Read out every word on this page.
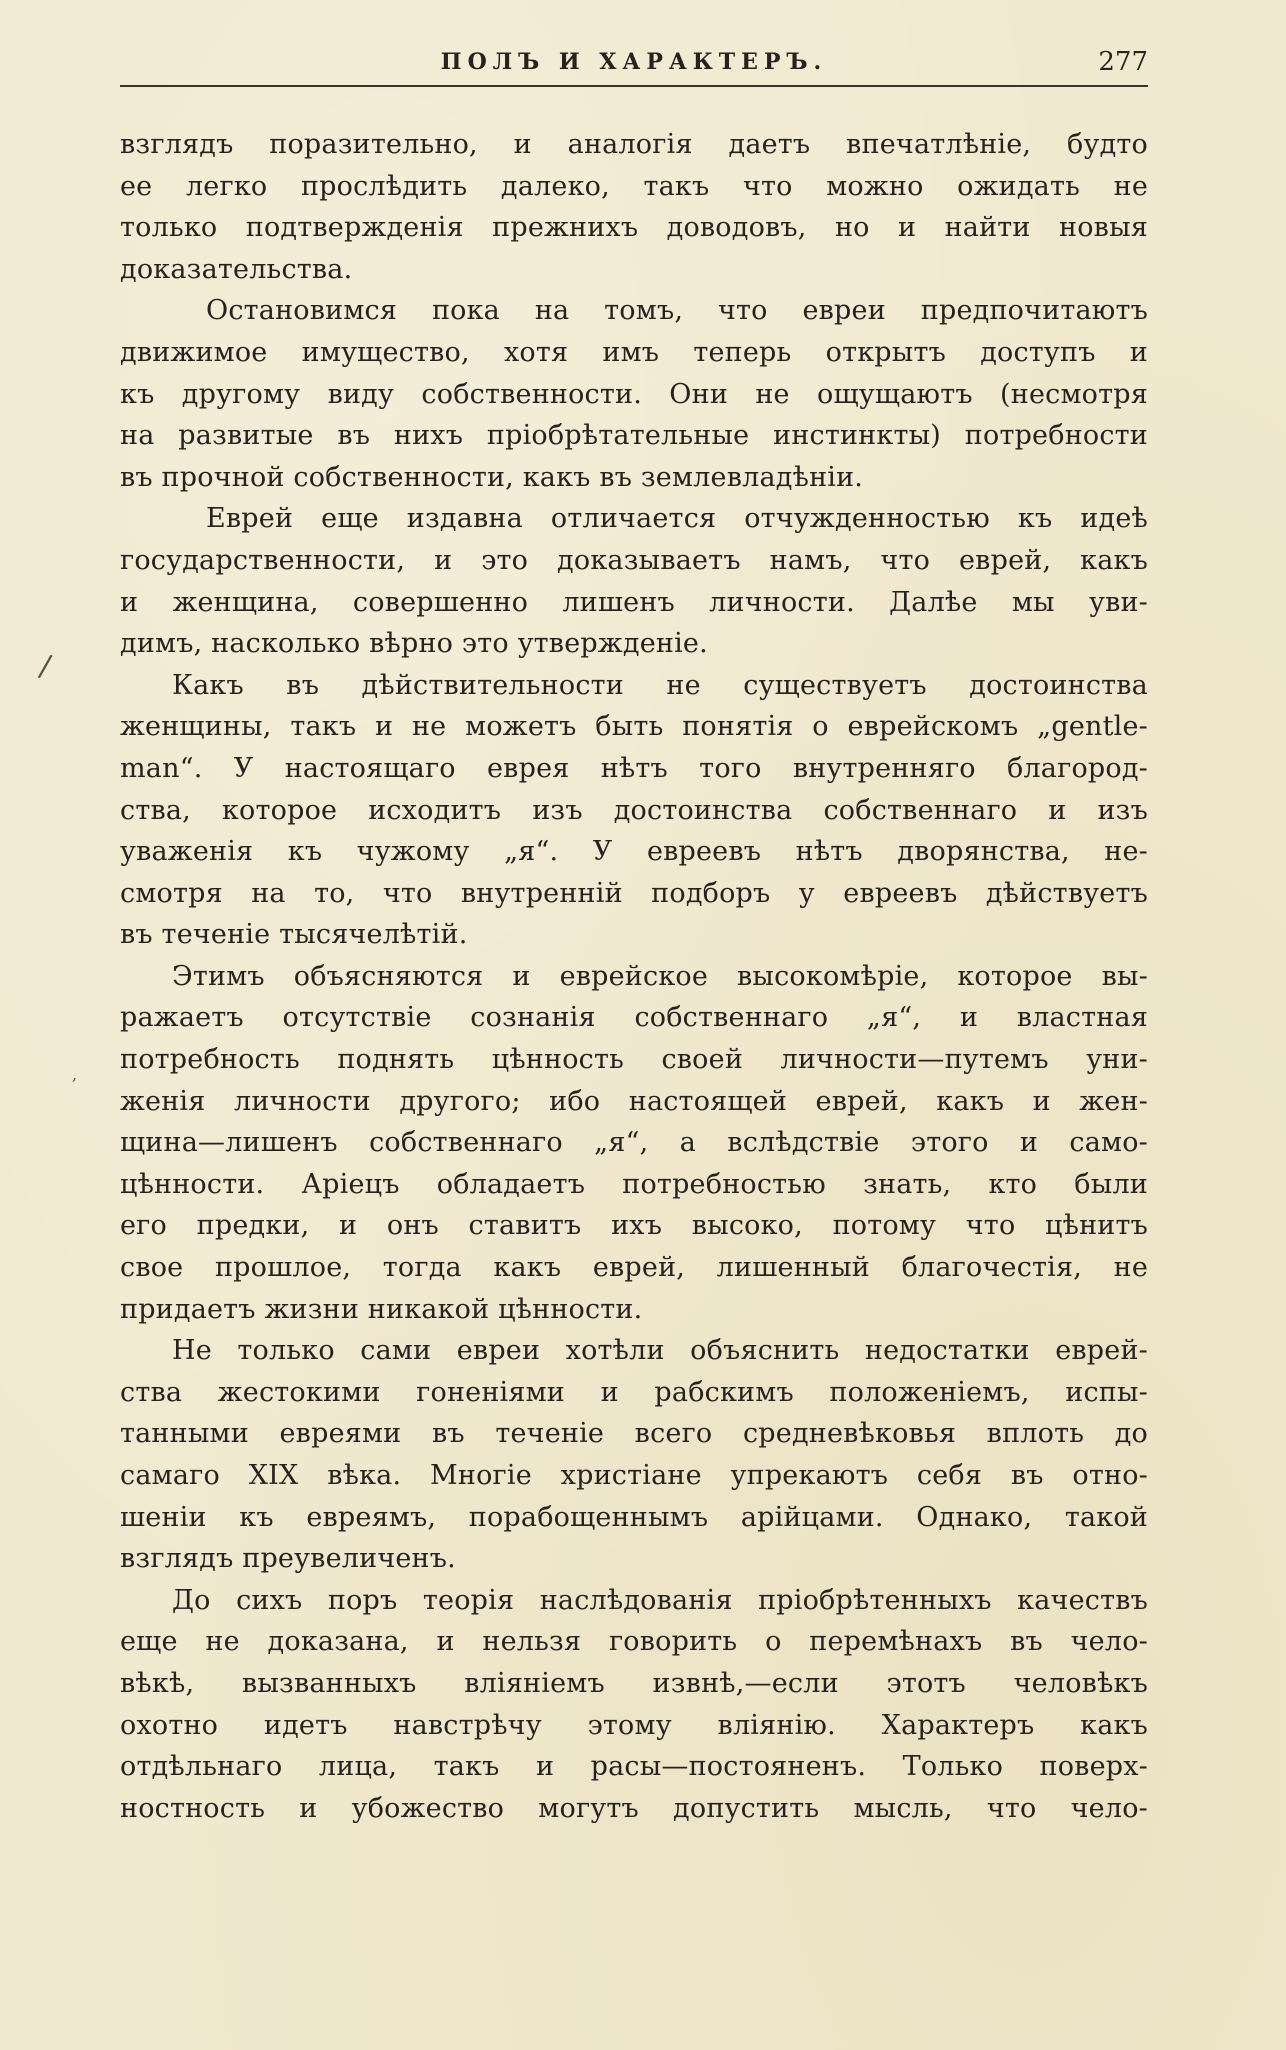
ПОЛЪ И ХАРАКТЕРЪ.	277
/
,
взглядъ поразительно, и аналогія даетъ впечатлѣніе, будто
ее легко прослѣдить далеко, такъ что можно ожидать не
только подтвержденія прежнихъ доводовъ, но и найти новыя
доказательства.
Остановимся пока на томъ, что евреи предпочитаютъ
движимое имущество, хотя имъ теперь открытъ доступъ и
къ другому виду собственности. Они не ощущаютъ (несмотря
на развитые въ нихъ пріобрѣтательные инстинкты) потребности
въ прочной собственности, какъ въ землевладѣніи.
Еврей еще издавна отличается отчужденностью къ идеѣ
государственности, и это доказываетъ намъ, что еврей, какъ
и женщина, совершенно лишенъ личности. Далѣе мы уви-
димъ, насколько вѣрно это утвержденіе.
Какъ въ дѣйствительности не существуетъ достоинства
женщины, такъ и не можетъ быть понятія о еврейскомъ „gentle-
man“. У настоящаго еврея нѣтъ того внутренняго благород-
ства, которое исходитъ изъ достоинства собственнаго и изъ
уваженія къ чужому „я“. У евреевъ нѣтъ дворянства, не-
смотря на то, что внутренній подборъ у евреевъ дѣйствуетъ
въ теченіе тысячелѣтій.
Этимъ объясняются и еврейское высокомѣріе, которое вы-
ражаетъ отсутствіе сознанія собственнаго „я“, и властная
потребность поднять цѣнность своей личности—путемъ уни-
женія личности другого; ибо настоящей еврей, какъ и жен-
щина—лишенъ собственнаго „я“, а вслѣдствіе этого и само-
цѣнности. Аріецъ обладаетъ потребностью знать, кто были
его предки, и онъ ставитъ ихъ высоко, потому что цѣнитъ
свое прошлое, тогда какъ еврей, лишенный благочестія, не
придаетъ жизни никакой цѣнности.
Не только сами евреи хотѣли объяснить недостатки еврей-
ства жестокими гоненіями и рабскимъ положеніемъ, испы-
танными евреями въ теченіе всего средневѣковья вплоть до
самаго XIX вѣка. Многіе христіане упрекаютъ себя въ отно-
шеніи къ евреямъ, порабощеннымъ арійцами. Однако, такой
взглядъ преувеличенъ.
До сихъ поръ теорія наслѣдованія пріобрѣтенныхъ качествъ
еще не доказана, и нельзя говорить о перемѣнахъ въ чело-
вѣкѣ, вызванныхъ вліяніемъ извнѣ,—если этотъ человѣкъ
охотно идетъ навстрѣчу этому вліянію. Характеръ какъ
отдѣльнаго лица, такъ и расы—постояненъ. Только поверх-
ностность и убожество могутъ допустить мысль, что чело-
